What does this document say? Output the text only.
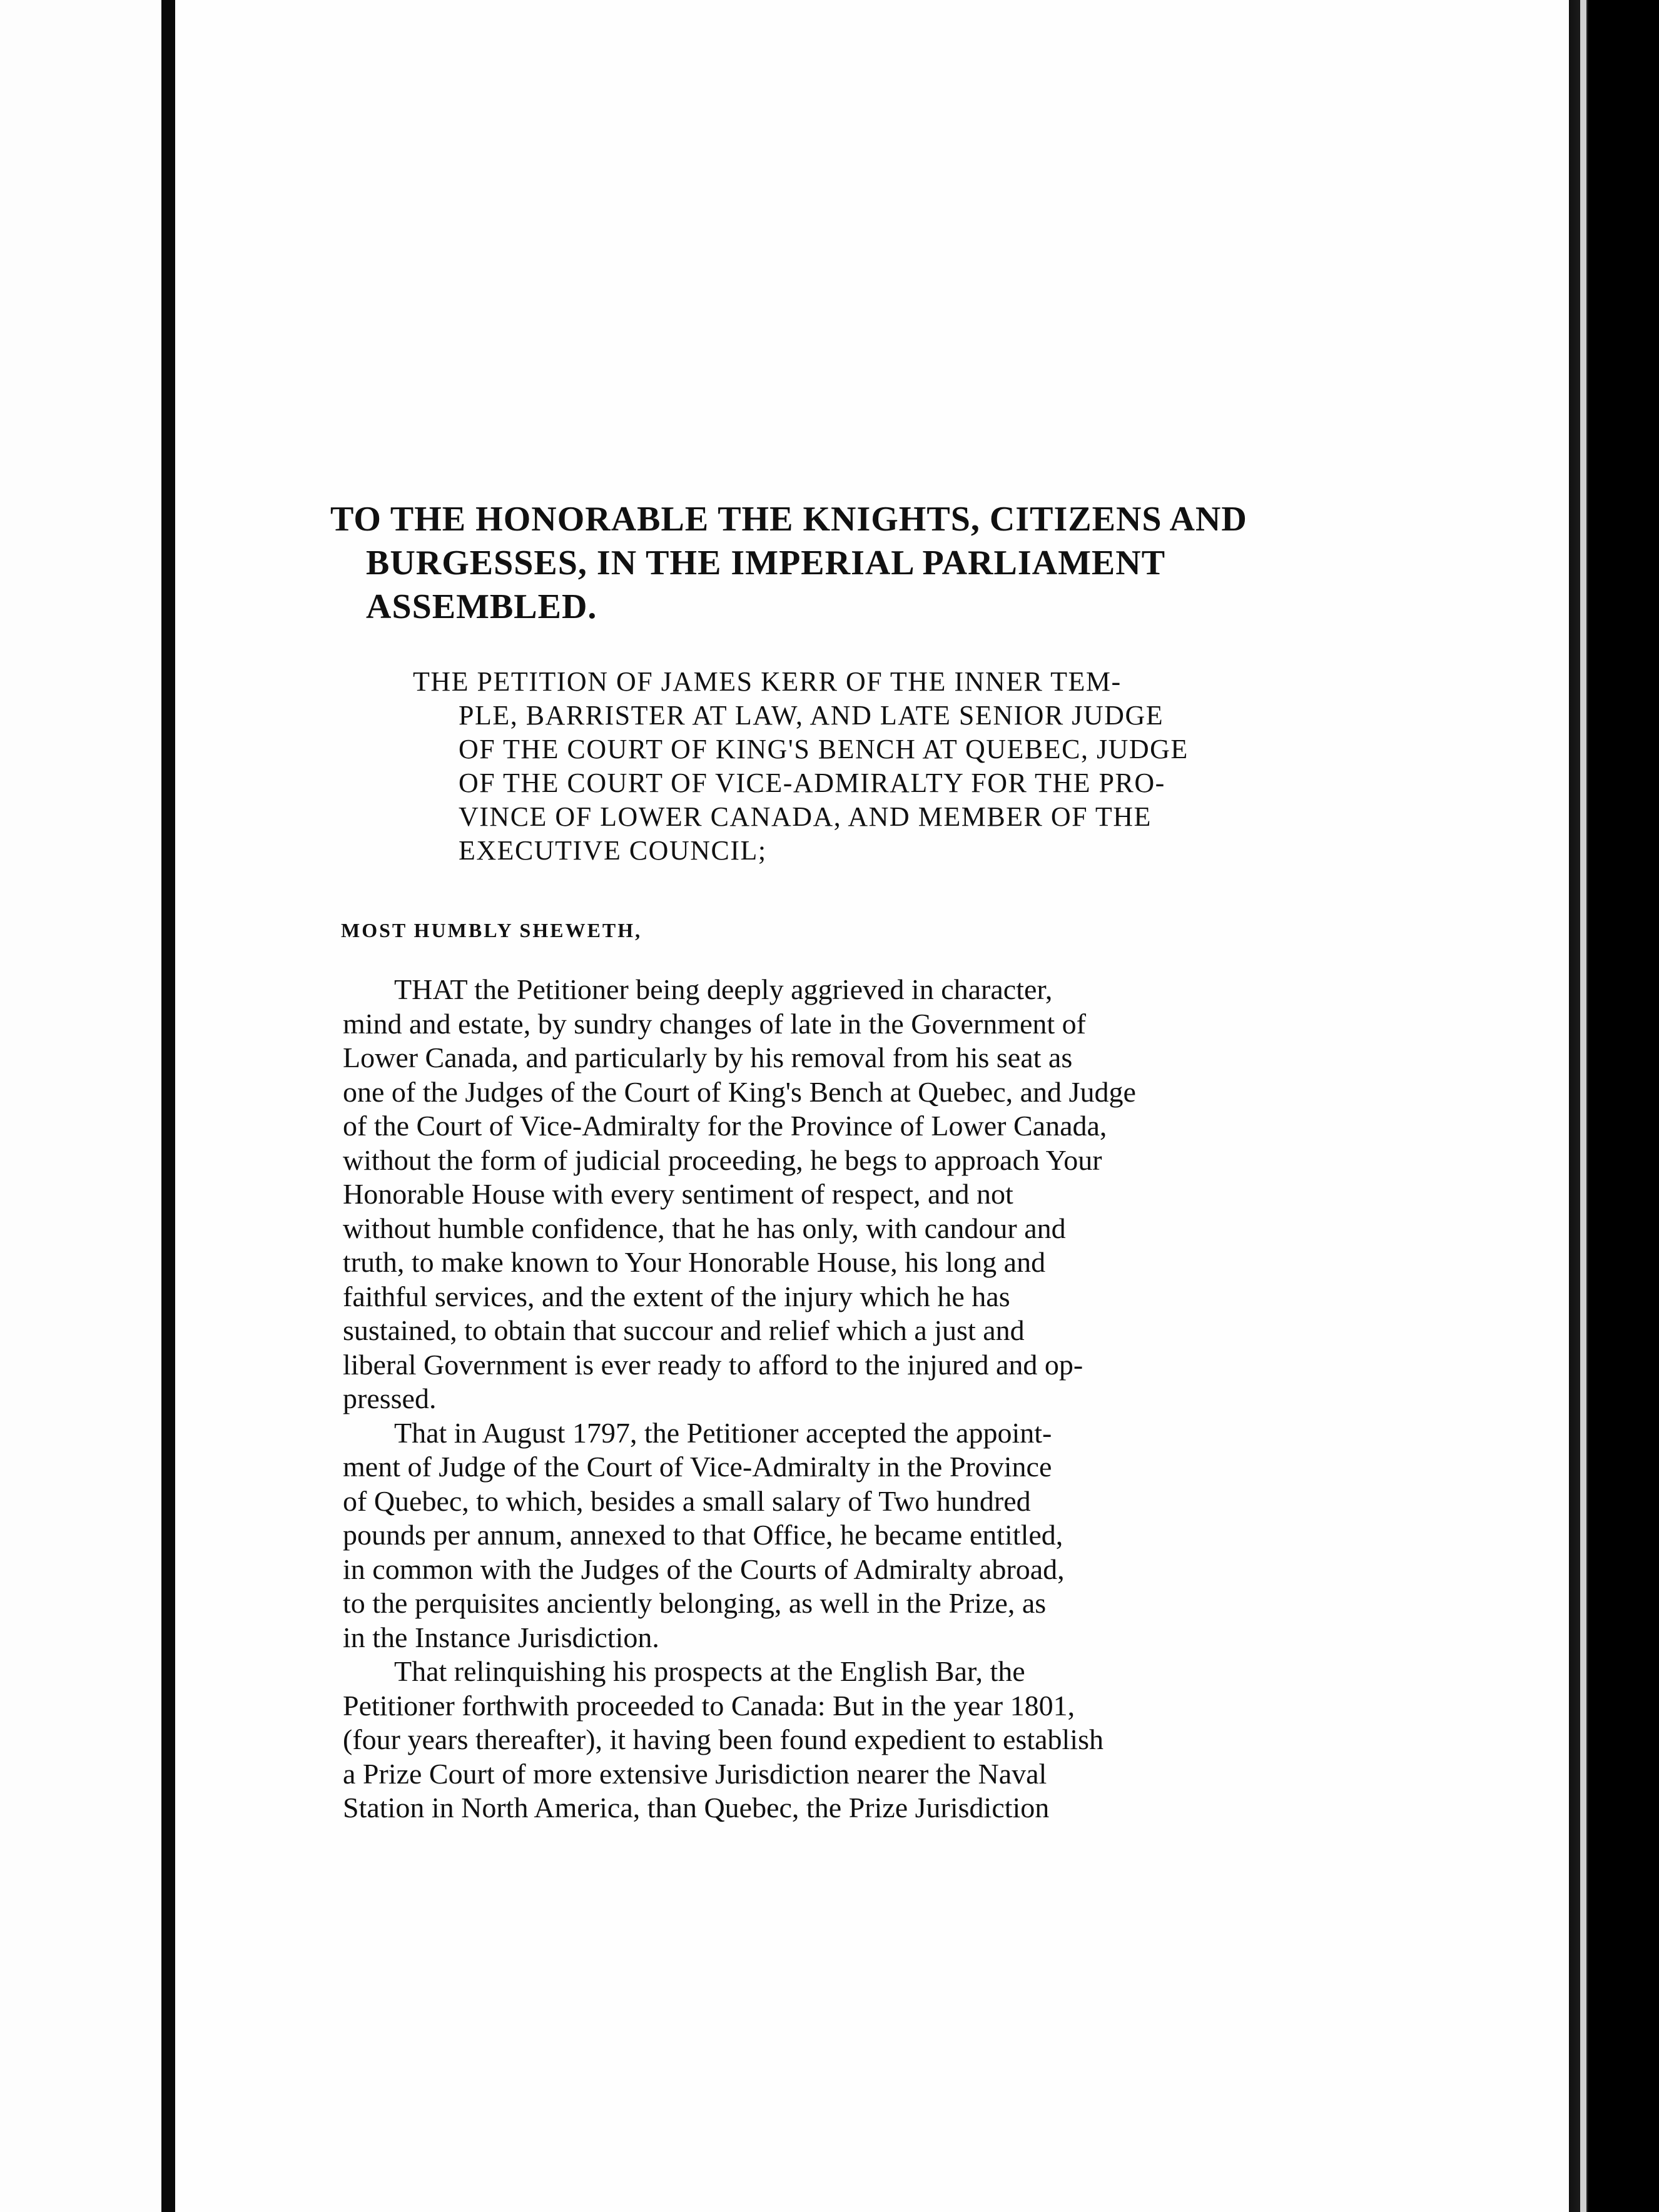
TO THE HONORABLE THE KNIGHTS, CITIZENS AND
BURGESSES, IN THE IMPERIAL PARLIAMENT
ASSEMBLED.
THE PETITION OF JAMES KERR OF THE INNER TEM-
PLE, BARRISTER AT LAW, AND LATE SENIOR JUDGE
OF THE COURT OF KING'S BENCH AT QUEBEC, JUDGE
OF THE COURT OF VICE-ADMIRALTY FOR THE PRO-
VINCE OF LOWER CANADA, AND MEMBER OF THE
EXECUTIVE COUNCIL;
MOST HUMBLY SHEWETH,
THAT the Petitioner being deeply aggrieved in character,
mind and estate, by sundry changes of late in the Government of
Lower Canada, and particularly by his removal from his seat as
one of the Judges of the Court of King's Bench at Quebec, and Judge
of the Court of Vice-Admiralty for the Province of Lower Canada,
without the form of judicial proceeding, he begs to approach Your
Honorable House with every sentiment of respect, and not
without humble confidence, that he has only, with candour and
truth, to make known to Your Honorable House, his long and
faithful services, and the extent of the injury which he has
sustained, to obtain that succour and relief which a just and
liberal Government is ever ready to afford to the injured and op-
pressed.
That in August 1797, the Petitioner accepted the appoint-
ment of Judge of the Court of Vice-Admiralty in the Province
of Quebec, to which, besides a small salary of Two hundred
pounds per annum, annexed to that Office, he became entitled,
in common with the Judges of the Courts of Admiralty abroad,
to the perquisites anciently belonging, as well in the Prize, as
in the Instance Jurisdiction.
That relinquishing his prospects at the English Bar, the
Petitioner forthwith proceeded to Canada: But in the year 1801,
(four years thereafter), it having been found expedient to establish
a Prize Court of more extensive Jurisdiction nearer the Naval
Station in North America, than Quebec, the Prize Jurisdiction
